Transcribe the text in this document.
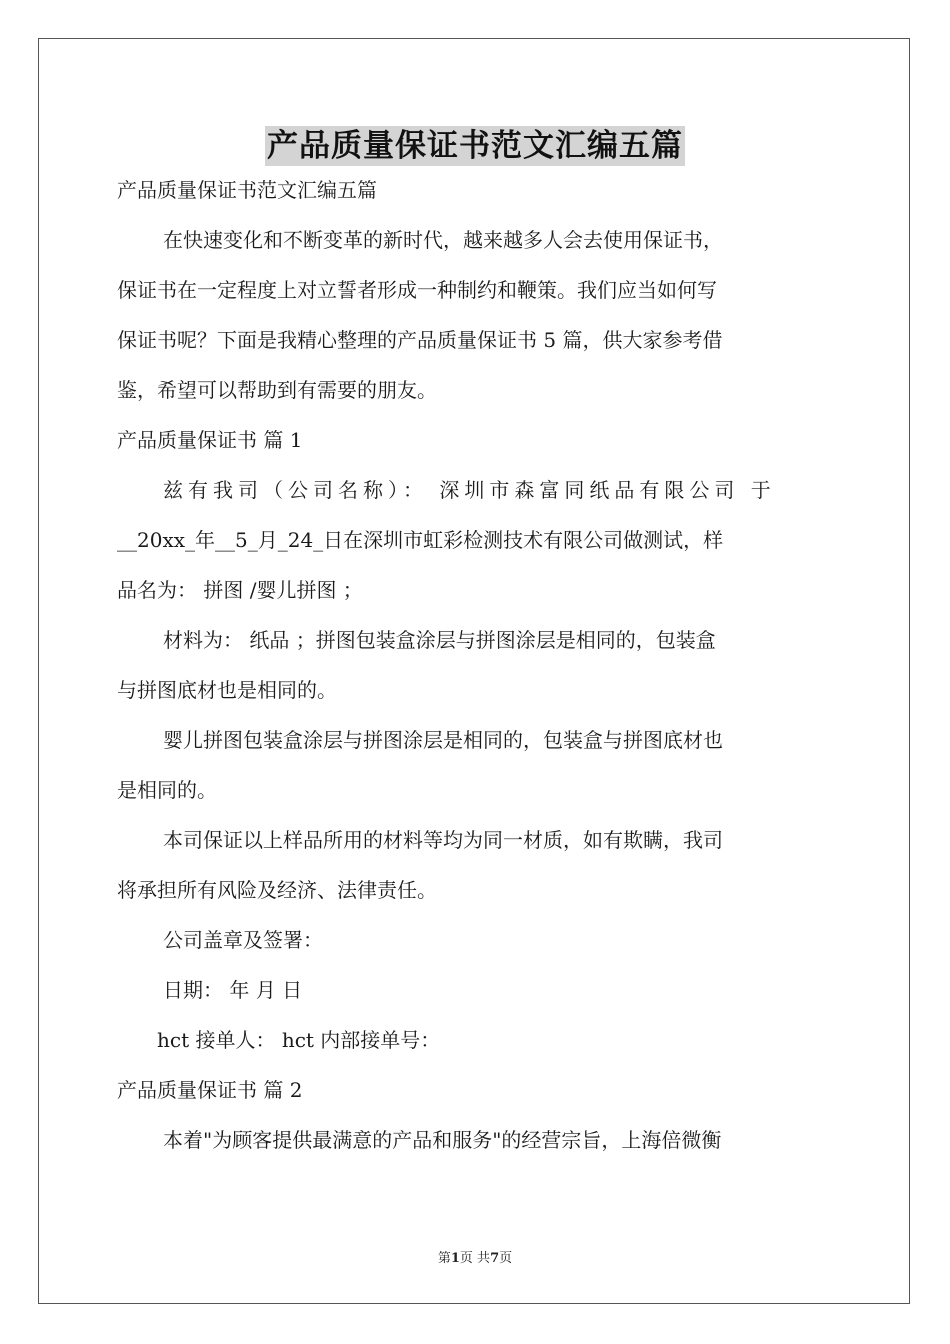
产品质量保证书范文汇编五篇
产品质量保证书范文汇编五篇
在快速变化和不断变革的新时代，越来越多人会去使用保证书，
保证书在一定程度上对立誓者形成一种制约和鞭策。我们应当如何写
保证书呢？下面是我精心整理的产品质量保证书 5 篇，供大家参考借
鉴，希望可以帮助到有需要的朋友。
产品质量保证书 篇 1
兹有我司（公司名称）： 深圳市森富同纸品有限公司 于
__20xx_年__5_月_24_日在深圳市虹彩检测技术有限公司做测试，样
品名为： 拼图 /婴儿拼图 ；
材料为： 纸品 ；拼图包装盒涂层与拼图涂层是相同的，包装盒
与拼图底材也是相同的。
婴儿拼图包装盒涂层与拼图涂层是相同的，包装盒与拼图底材也
是相同的。
本司保证以上样品所用的材料等均为同一材质，如有欺瞒，我司
将承担所有风险及经济、法律责任。
公司盖章及签署：
日期： 年 月 日
hct 接单人： hct 内部接单号：
产品质量保证书 篇 2
本着"为顾客提供最满意的产品和服务"的经营宗旨，上海倍微衡
第1页 共7页
